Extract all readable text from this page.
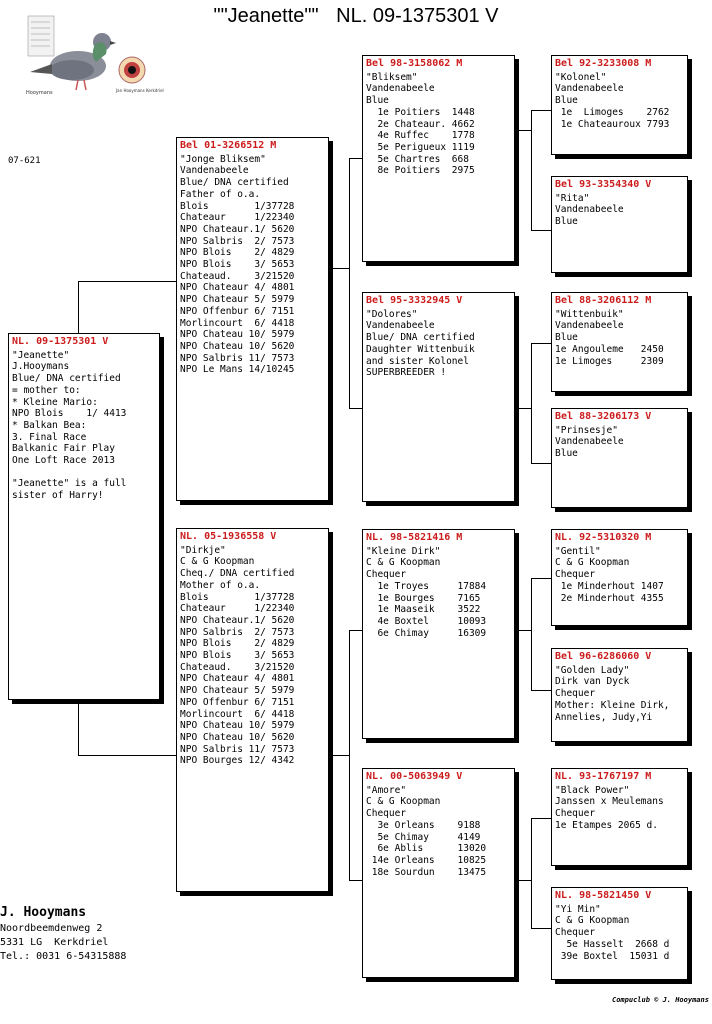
""Jeanette"" NL. 09-1375301 V
Hooymans	Jan Hooymans Kerkdriel
07-621
NL. 09-1375301 V
"Jeanette"
J.Hooymans
Blue/ DNA certified
= mother to:
* Kleine Mario:
NPO Blois    1/ 4413
* Balkan Bea:
3. Final Race
Balkanic Fair Play
One Loft Race 2013

"Jeanette" is a full
sister of Harry!
Bel 01-3266512 M
"Jonge Bliksem"
Vandenabeele
Blue/ DNA certified
Father of o.a.
Blois        1/37728
Chateaur     1/22340
NPO Chateaur.1/ 5620
NPO Salbris  2/ 7573
NPO Blois    2/ 4829
NPO Blois    3/ 5653
Chateaud.    3/21520
NPO Chateaur 4/ 4801
NPO Chateaur 5/ 5979
NPO Offenbur 6/ 7151
Morlincourt  6/ 4418
NPO Chateau 10/ 5979
NPO Chateau 10/ 5620
NPO Salbris 11/ 7573
NPO Le Mans 14/10245
NL. 05-1936558 V
"Dirkje"
C & G Koopman
Cheq./ DNA certified
Mother of o.a.
Blois        1/37728
Chateaur     1/22340
NPO Chateaur.1/ 5620
NPO Salbris  2/ 7573
NPO Blois    2/ 4829
NPO Blois    3/ 5653
Chateaud.    3/21520
NPO Chateaur 4/ 4801
NPO Chateaur 5/ 5979
NPO Offenbur 6/ 7151
Morlincourt  6/ 4418
NPO Chateau 10/ 5979
NPO Chateau 10/ 5620
NPO Salbris 11/ 7573
NPO Bourges 12/ 4342
Bel 98-3158062 M
"Bliksem"
Vandenabeele
Blue
1e Poitiers  1448
2e Chateaur. 4662
4e Ruffec    1778
5e Perigueux 1119
5e Chartres  668
8e Poitiers  2975
Bel 95-3332945 V
"Dolores"
Vandenabeele
Blue/ DNA certified
Daughter Wittenbuik
and sister Kolonel
SUPERBREEDER !
NL. 98-5821416 M
"Kleine Dirk"
C & G Koopman
Chequer
1e Troyes     17884
1e Bourges    7165
1e Maaseik    3522
4e Boxtel     10093
6e Chimay     16309
NL. 00-5063949 V
"Amore"
C & G Koopman
Chequer
3e Orleans    9188
5e Chimay     4149
6e Ablis      13020
14e Orleans    10825
18e Sourdun    13475
Bel 92-3233008 M
"Kolonel"
Vandenabeele
Blue
1e  Limoges    2762
1e Chateauroux 7793
Bel 93-3354340 V
"Rita"
Vandenabeele
Blue
Bel 88-3206112 M
"Wittenbuik"
Vandenabeele
Blue
1e Angouleme   2450
1e Limoges     2309
Bel 88-3206173 V
"Prinsesje"
Vandenabeele
Blue
NL. 92-5310320 M
"Gentil"
C & G Koopman
Chequer
1e Minderhout 1407
2e Minderhout 4355
Bel 96-6286060 V
"Golden Lady"
Dirk van Dyck
Chequer
Mother: Kleine Dirk,
Annelies, Judy,Yi
NL. 93-1767197 M
"Black Power"
Janssen x Meulemans
Chequer
1e Etampes 2065 d.
NL. 98-5821450 V
"Yi Min"
C & G Koopman
Chequer
5e Hasselt  2668 d
39e Boxtel  15031 d
J. Hooymans
Noordbeemdenweg 2
5331 LG  Kerkdriel
Tel.: 0031 6-54315888
Compuclub © J. Hooymans
